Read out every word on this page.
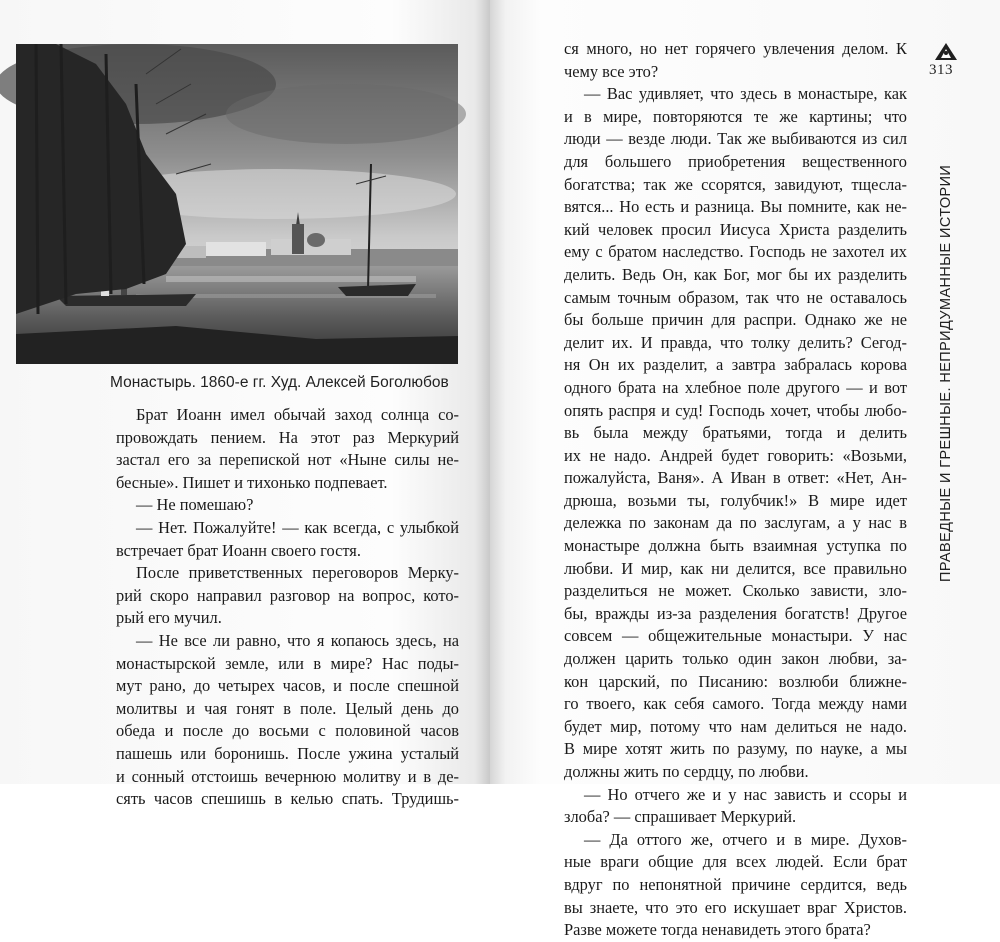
Монастырь. 1860-е гг. Худ. Алексей Боголюбов
Брат Иоанн имел обычай заход солнца со-
провождать пением. На этот раз Меркурий
застал его за перепиской нот «Ныне силы не-
бесные». Пишет и тихонько подпевает.
— Не помешаю?
— Нет. Пожалуйте! — как всегда, с улыбкой
встречает брат Иоанн своего гостя.
После приветственных переговоров Мерку-
рий скоро направил разговор на вопрос, кото-
рый его мучил.
— Не все ли равно, что я копаюсь здесь, на
монастырской земле, или в мире? Нас поды-
мут рано, до четырех часов, и после спешной
молитвы и чая гонят в поле. Целый день до
обеда и после до восьми с половиной часов
пашешь или боронишь. После ужина усталый
и сонный отстоишь вечернюю молитву и в де-
сять часов спешишь в келью спать. Трудишь-
ся много, но нет горячего увлечения делом. К
чему все это?
— Вас удивляет, что здесь в монастыре, как
и в мире, повторяются те же картины; что
люди — везде люди. Так же выбиваются из сил
для большего приобретения вещественного
богатства; так же ссорятся, завидуют, тщесла-
вятся... Но есть и разница. Вы помните, как не-
кий человек просил Иисуса Христа разделить
ему с братом наследство. Господь не захотел их
делить. Ведь Он, как Бог, мог бы их разделить
самым точным образом, так что не оставалось
бы больше причин для распри. Однако же не
делит их. И правда, что толку делить? Сегод-
ня Он их разделит, а завтра забралась корова
одного брата на хлебное поле другого — и вот
опять распря и суд! Господь хочет, чтобы любо-
вь была между братьями, тогда и делить
их не надо. Андрей будет говорить: «Возьми,
пожалуйста, Ваня». А Иван в ответ: «Нет, Ан-
дрюша, возьми ты, голубчик!» В мире идет
дележка по законам да по заслугам, а у нас в
монастыре должна быть взаимная уступка по
любви. И мир, как ни делится, все правильно
разделиться не может. Сколько зависти, зло-
бы, вражды из-за разделения богатств! Другое
совсем — общежительные монастыри. У нас
должен царить только один закон любви, за-
кон царский, по Писанию: возлюби ближне-
го твоего, как себя самого. Тогда между нами
будет мир, потому что нам делиться не надо.
В мире хотят жить по разуму, по науке, а мы
должны жить по сердцу, по любви.
— Но отчего же и у нас зависть и ссоры и
злоба? — спрашивает Меркурий.
— Да оттого же, отчего и в мире. Духов-
ные враги общие для всех людей. Если брат
вдруг по непонятной причине сердится, ведь
вы знаете, что это его искушает враг Христов.
Разве можете тогда ненавидеть этого брата?
313
ПРАВЕДНЫЕ И ГРЕШНЫЕ. НЕПРИДУМАННЫЕ ИСТОРИИ
